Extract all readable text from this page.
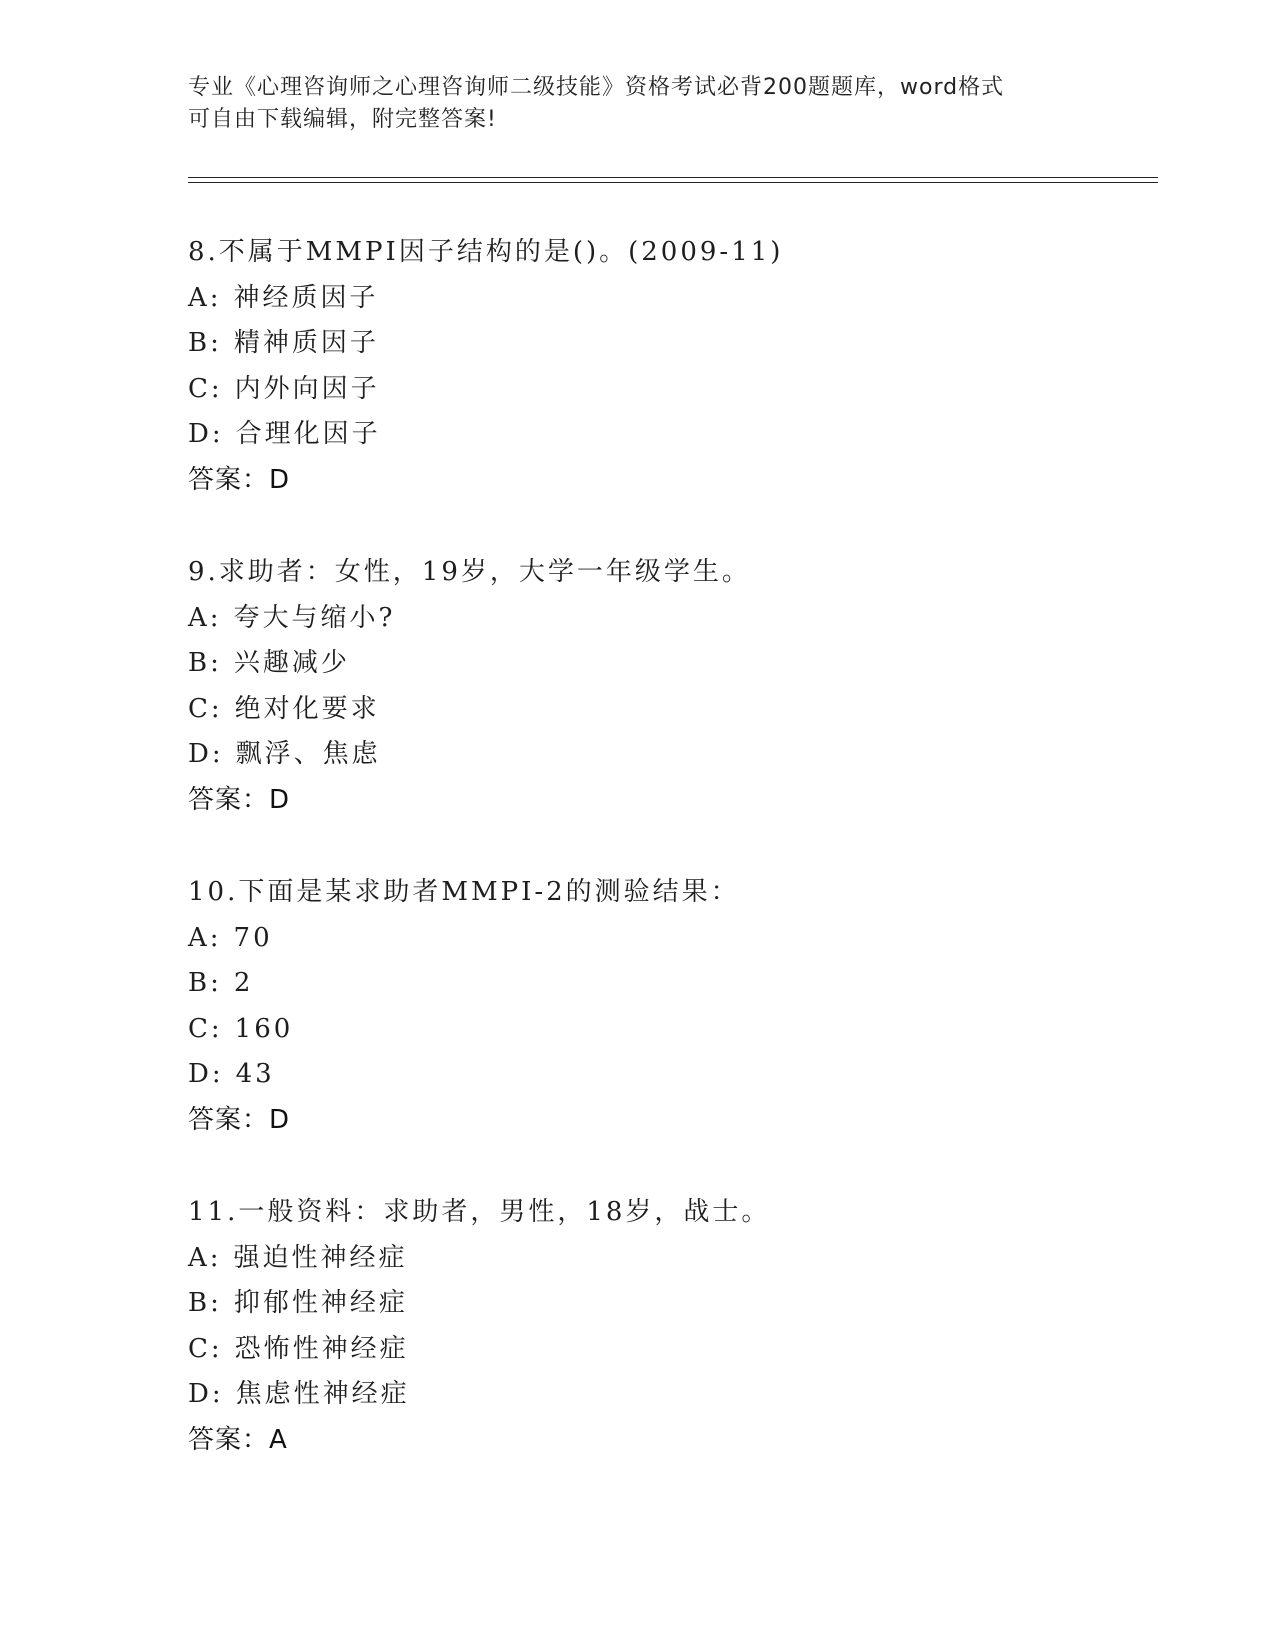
专业《心理咨询师之心理咨询师二级技能》资格考试必背200题题库，word格式
可自由下载编辑，附完整答案!
8.不属于MMPI因子结构的是()。(2009-11)
A: 神经质因子
B: 精神质因子
C: 内外向因子
D: 合理化因子
答案：D
9.求助者：女性，19岁，大学一年级学生。
A: 夸大与缩小?
B: 兴趣减少
C: 绝对化要求
D: 飘浮、焦虑
答案：D
10.下面是某求助者MMPI-2的测验结果：
A: 70
B: 2
C: 160
D: 43
答案：D
11.一般资料：求助者，男性，18岁，战士。
A: 强迫性神经症
B: 抑郁性神经症
C: 恐怖性神经症
D: 焦虑性神经症
答案：A
